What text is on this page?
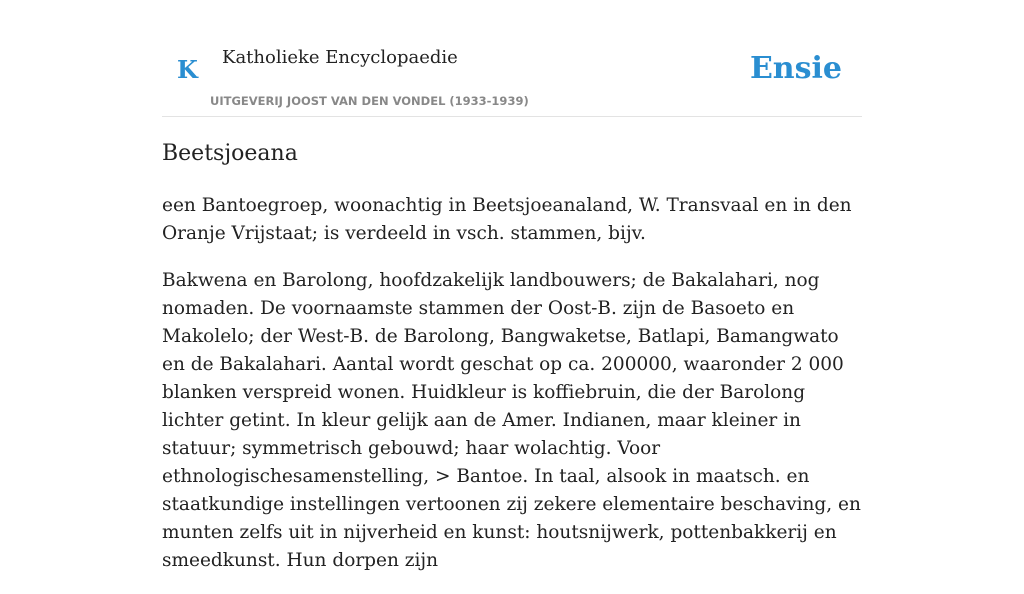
K Katholieke Encyclopaedie
UITGEVERIJ JOOST VAN DEN VONDEL (1933-1939)
Ensie
Beetsjoeana

een Bantoegroep, woonachtig in Beetsjoeanaland, W. Transvaal en in den Oranje Vrijstaat; is verdeeld in vsch. stammen, bijv.

Bakwena en Barolong, hoofdzakelijk landbouwers; de Bakalahari, nog nomaden. De voornaamste stammen der Oost-B. zijn de Basoeto en Makolelo; der West-B. de Barolong, Bangwaketse, Batlapi, Bamangwato en de Bakalahari. Aantal wordt geschat op ca. 200000, waaronder 2 000 blanken verspreid wonen. Huidkleur is koffiebruin, die der Barolong lichter getint. In kleur gelijk aan de Amer. Indianen, maar kleiner in statuur; symmetrisch gebouwd; haar wolachtig. Voor ethnologischesamenstelling, > Bantoe. In taal, alsook in maatsch. en staatkundige instellingen vertoonen zij zekere elementaire beschaving, en munten zelfs uit in nijverheid en kunst: houtsnijwerk, pottenbakkerij en smeedkunst. Hun dorpen zijn
